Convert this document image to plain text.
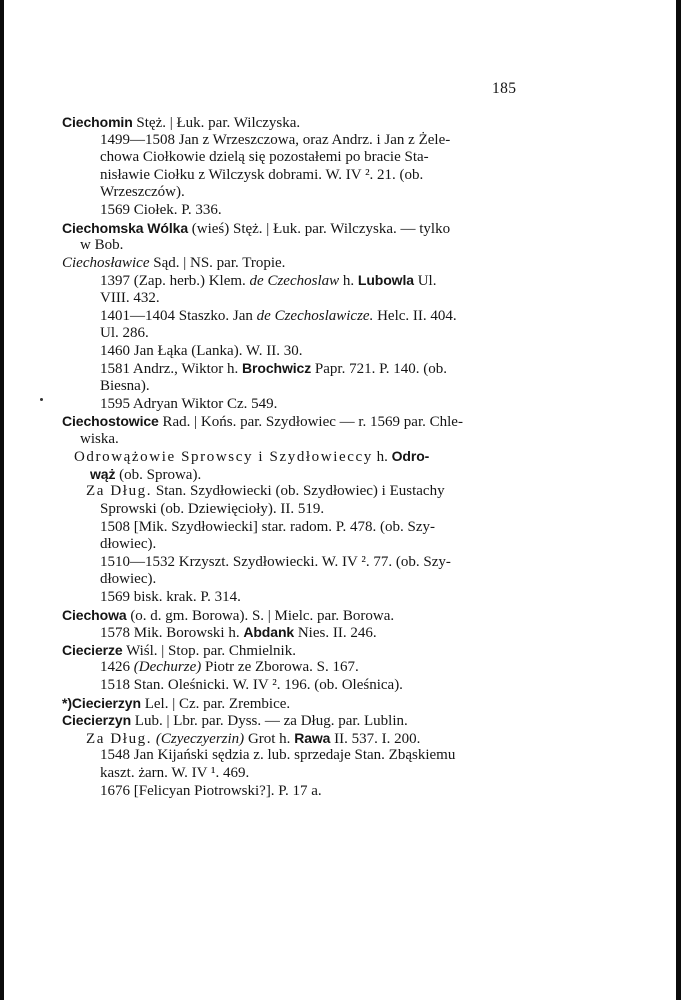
185
Ciechomin Stęż. | Łuk. par. Wilczyska.
1499—1508 Jan z Wrzeszczowa, oraz Andrz. i Jan z Żele-
chowa Ciołkowie dzielą się pozostałemi po bracie Sta-
nisławie Ciołku z Wilczysk dobrami. W. IV ². 21. (ob.
Wrzeszczów).
1569 Ciołek. P. 336.
Ciechomska Wólka (wieś) Stęż. | Łuk. par. Wilczyska. — tylko
w Bob.
Ciechosławice Sąd. | NS. par. Tropie.
1397 (Zap. herb.) Klem. de Czechoslaw h. Lubowla Ul.
VIII. 432.
1401—1404 Staszko. Jan de Czechoslawicze. Helc. II. 404.
Ul. 286.
1460 Jan Łąka (Lanka). W. II. 30.
1581 Andrz., Wiktor h. Brochwicz Papr. 721. P. 140. (ob.
Biesna).
1595 Adryan Wiktor Cz. 549.
Ciechostowice Rad. | Końs. par. Szydłowiec — r. 1569 par. Chle-
wiska.
Odrowążowie Sprowscy i Szydłowieccy h. Odro-
wąż (ob. Sprowa).
Za Dług. Stan. Szydłowiecki (ob. Szydłowiec) i Eustachy
Sprowski (ob. Dziewięcioły). II. 519.
1508 [Mik. Szydłowiecki] star. radom. P. 478. (ob. Szy-
dłowiec).
1510—1532 Krzyszt. Szydłowiecki. W. IV ². 77. (ob. Szy-
dłowiec).
1569 bisk. krak. P. 314.
Ciechowa (o. d. gm. Borowa). S. | Mielc. par. Borowa.
1578 Mik. Borowski h. Abdank Nies. II. 246.
Ciecierze Wiśl. | Stop. par. Chmielnik.
1426 (Dechurze) Piotr ze Zborowa. S. 167.
1518 Stan. Oleśnicki. W. IV ². 196. (ob. Oleśnica).
*)Ciecierzyn Lel. | Cz. par. Zrembice.
Ciecierzyn Lub. | Lbr. par. Dyss. — za Dług. par. Lublin.
Za Dług. (Czyeczyerzin) Grot h. Rawa II. 537. I. 200.
1548 Jan Kijański sędzia z. lub. sprzedaje Stan. Zbąskiemu
kaszt. żarn. W. IV ¹. 469.
1676 [Felicyan Piotrowski?]. P. 17 a.
